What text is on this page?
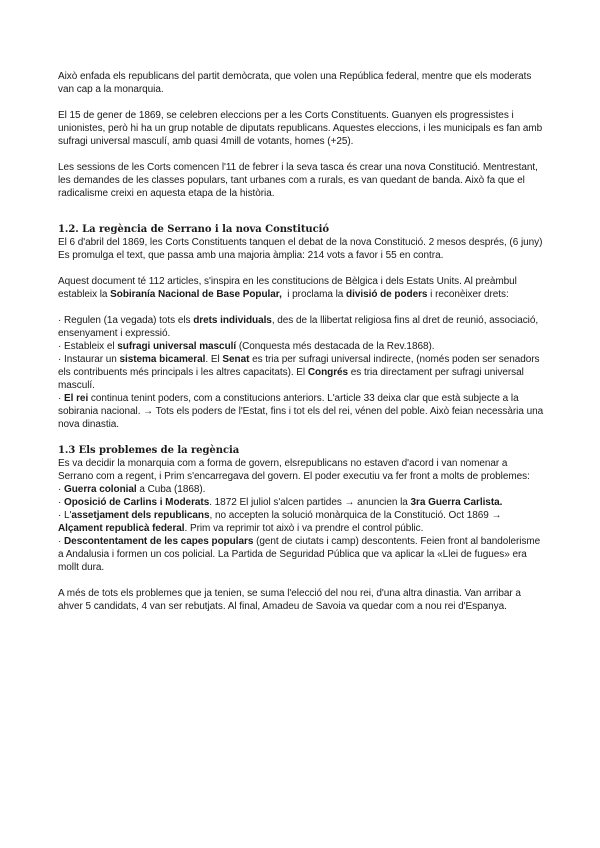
Això enfada els republicans del partit demòcrata, que volen una República federal, mentre que els moderats van cap a la monarquia.

El 15 de gener de 1869, se celebren eleccions per a les Corts Constituents. Guanyen els progressistes i unionistes, però hi ha un grup notable de diputats republicans. Aquestes eleccions, i les municipals es fan amb sufragi universal masculí, amb quasi 4mill de votants, homes (+25).

Les sessions de les Corts comencen l'11 de febrer i la seva tasca és crear una nova Constitució. Mentrestant, les demandes de les classes populars, tant urbanes com a rurals, es van quedant de banda. Això fa que el radicalisme creixi en aquesta etapa de la història.

1.2. La regència de Serrano i la nova Constitució

El 6 d'abril del 1869, les Corts Constituents tanquen el debat de la nova Constitució. 2 mesos després, (6 juny) Es promulga el text, que passa amb una majoria àmplia: 214 vots a favor i 55 en contra.

Aquest document té 112 articles, s'inspira en les constitucions de Bèlgica i dels Estats Units. Al preàmbul estableix la Sobiranía Nacional de Base Popular,  i proclama la divisió de poders i reconèixer drets:

· Regulen (1a vegada) tots els drets individuals, des de la llibertat religiosa fins al dret de reunió, associació, ensenyament i expressió.

· Estableix el sufragi universal masculí (Conquesta més destacada de la Rev.1868).

· Instaurar un sistema bicameral. El Senat es tria per sufragi universal indirecte, (només poden ser senadors els contribuents més principals i les altres capacitats). El Congrés es tria directament per sufragi universal masculí.

· El rei continua tenint poders, com a constitucions anteriors. L'article 33 deixa clar que està subjecte a la sobirania nacional. → Tots els poders de l'Estat, fins i tot els del rei, vénen del poble. Això feian necessària una nova dinastia.

1.3 Els problemes de la regència

Es va decidir la monarquia com a forma de govern, elsrepublicans no estaven d'acord i van nomenar a Serrano com a regent, i Prim s'encarregava del govern. El poder executiu va fer front a molts de problemes:

· Guerra colonial a Cuba (1868).

· Oposició de Carlins i Moderats. 1872 El juliol s'alcen partides → anuncien la 3ra Guerra Carlista.

· L'assetjament dels republicans, no accepten la solució monàrquica de la Constitució. Oct 1869 → Alçament republicà federal. Prim va reprimir tot això i va prendre el control públic.

· Descontentament de les capes populars (gent de ciutats i camp) descontents. Feien front al bandolerisme a Andalusia i formen un cos policial. La Partida de Seguridad Pública que va aplicar la «Llei de fugues» era mollt dura.

A més de tots els problemes que ja tenien, se suma l'elecció del nou rei, d'una altra dinastia. Van arribar a ahver 5 candidats, 4 van ser rebutjats. Al final, Amadeu de Savoia va quedar com a nou rei d'Espanya.
